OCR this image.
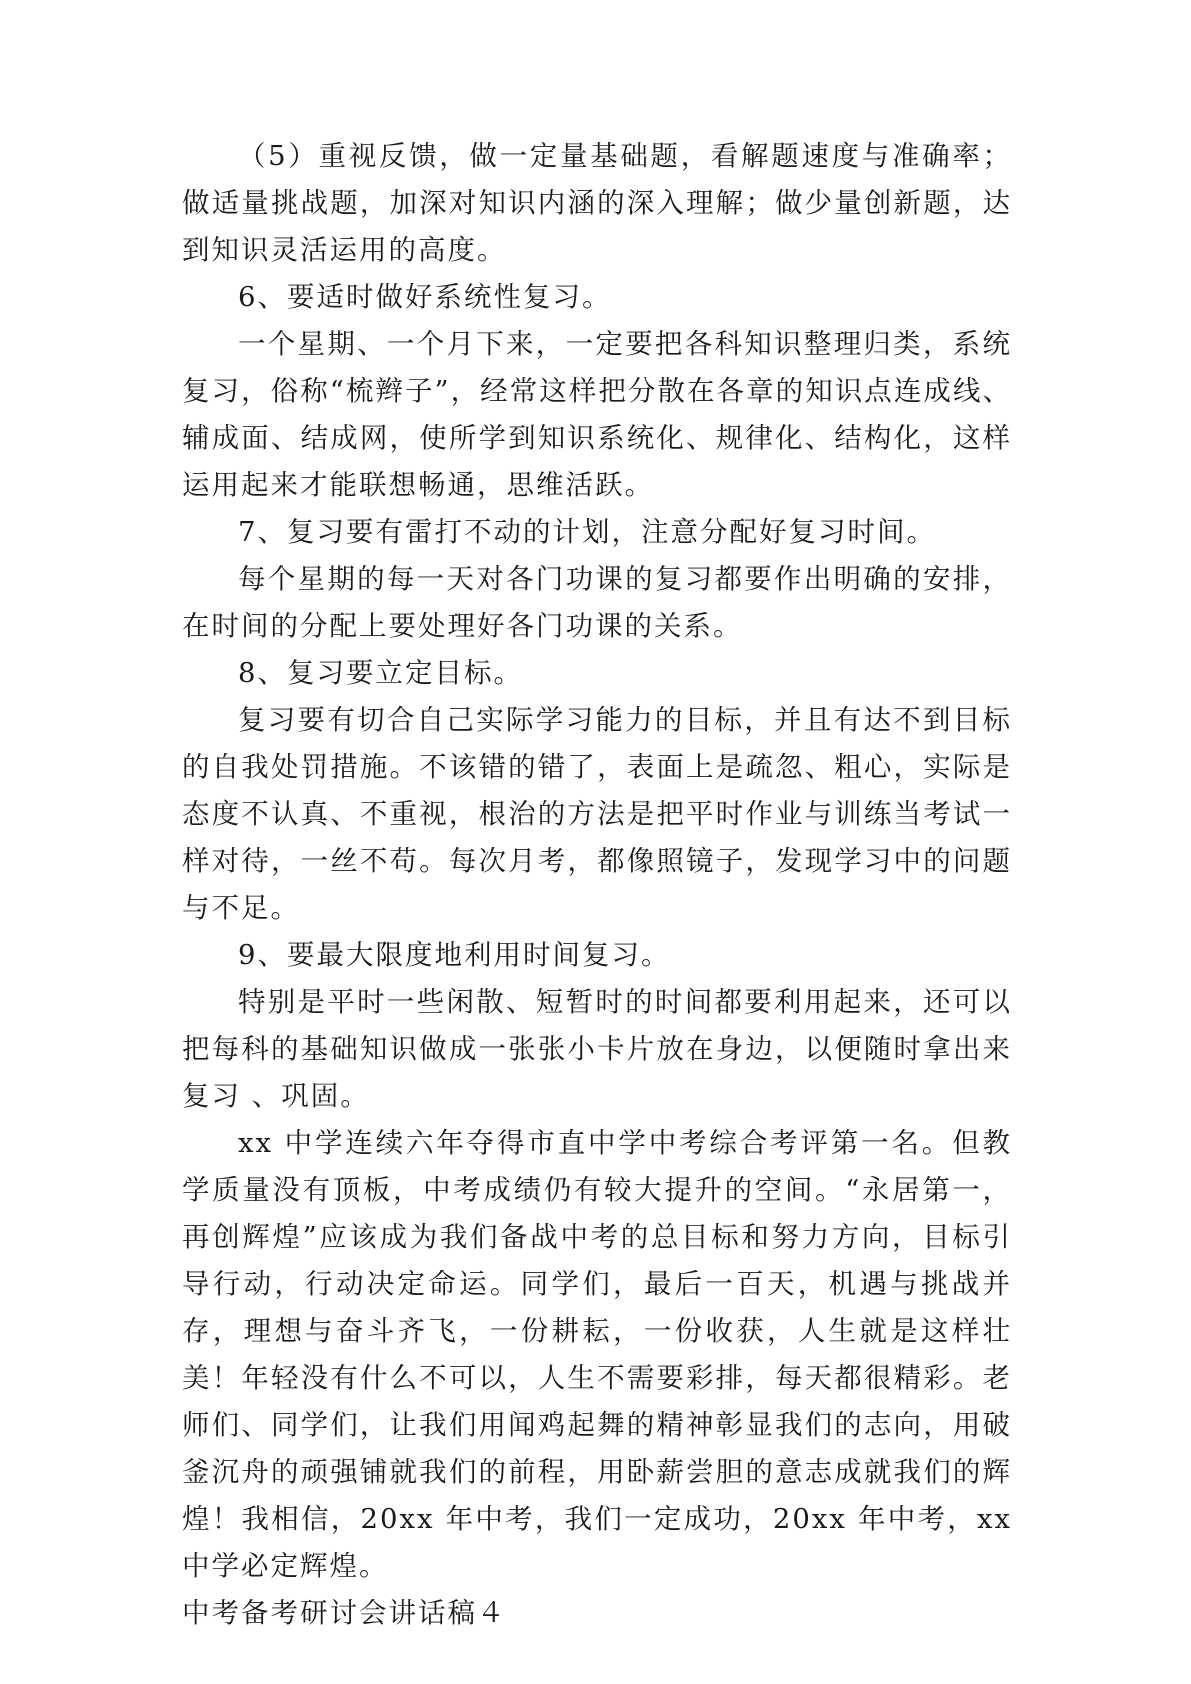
（5）重视反馈，做一定量基础题，看解题速度与准确率；做适量挑战题，加深对知识内涵的深入理解；做少量创新题，达到知识灵活运用的高度。

6、要适时做好系统性复习。

一个星期、一个月下来，一定要把各科知识整理归类，系统复习，俗称“梳辫子”，经常这样把分散在各章的知识点连成线、辅成面、结成网，使所学到知识系统化、规律化、结构化，这样运用起来才能联想畅通，思维活跃。

7、复习要有雷打不动的计划，注意分配好复习时间。

每个星期的每一天对各门功课的复习都要作出明确的安排，在时间的分配上要处理好各门功课的关系。

8、复习要立定目标。

复习要有切合自己实际学习能力的目标，并且有达不到目标的自我处罚措施。不该错的错了，表面上是疏忽、粗心，实际是态度不认真、不重视，根治的方法是把平时作业与训练当考试一样对待，一丝不苟。每次月考，都像照镜子，发现学习中的问题与不足。

9、要最大限度地利用时间复习。

特别是平时一些闲散、短暂时的时间都要利用起来，还可以把每科的基础知识做成一张张小卡片放在身边，以便随时拿出来复习 、巩固。

xx 中学连续六年夺得市直中学中考综合考评第一名。但教学质量没有顶板，中考成绩仍有较大提升的空间。“永居第一，再创辉煌”应该成为我们备战中考的总目标和努力方向，目标引导行动，行动决定命运。同学们，最后一百天，机遇与挑战并存，理想与奋斗齐飞，一份耕耘，一份收获，人生就是这样壮美！年轻没有什么不可以，人生不需要彩排，每天都很精彩。老师们、同学们，让我们用闻鸡起舞的精神彰显我们的志向，用破釜沉舟的顽强铺就我们的前程，用卧薪尝胆的意志成就我们的辉煌！我相信，20xx 年中考，我们一定成功，20xx 年中考，xx 中学必定辉煌。

中考备考研讨会讲话稿４
